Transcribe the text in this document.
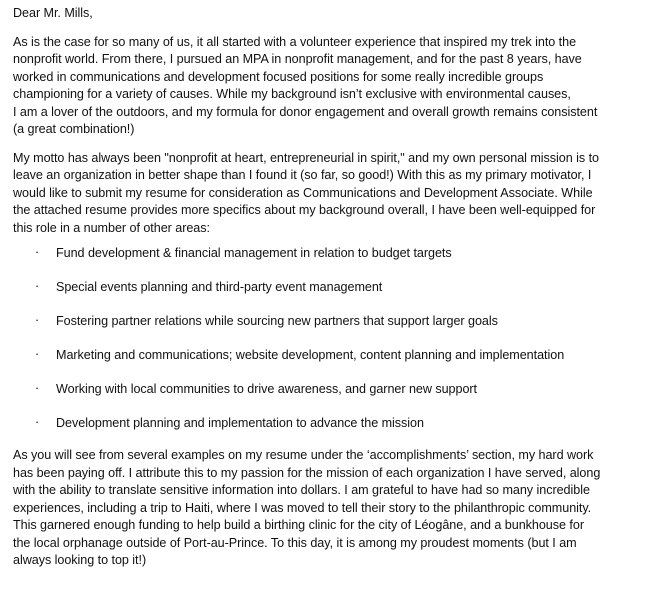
Dear Mr. Mills,
As is the case for so many of us, it all started with a volunteer experience that inspired my trek into the
nonprofit world. From there, I pursued an MPA in nonprofit management, and for the past 8 years, have
worked in communications and development focused positions for some really incredible groups
championing for a variety of causes. While my background isn’t exclusive with environmental causes,
I am a lover of the outdoors, and my formula for donor engagement and overall growth remains consistent
(a great combination!)
My motto has always been "nonprofit at heart, entrepreneurial in spirit," and my own personal mission is to
leave an organization in better shape than I found it (so far, so good!) With this as my primary motivator, I
would like to submit my resume for consideration as Communications and Development Associate. While
the attached resume provides more specifics about my background overall, I have been well-equipped for
this role in a number of other areas:
· Fund development & financial management in relation to budget targets
· Special events planning and third-party event management
· Fostering partner relations while sourcing new partners that support larger goals
· Marketing and communications; website development, content planning and implementation
· Working with local communities to drive awareness, and garner new support
· Development planning and implementation to advance the mission
As you will see from several examples on my resume under the ‘accomplishments’ section, my hard work
has been paying off. I attribute this to my passion for the mission of each organization I have served, along
with the ability to translate sensitive information into dollars. I am grateful to have had so many incredible
experiences, including a trip to Haiti, where I was moved to tell their story to the philanthropic community.
This garnered enough funding to help build a birthing clinic for the city of Léogâne, and a bunkhouse for
the local orphanage outside of Port-au-Prince. To this day, it is among my proudest moments (but I am
always looking to top it!)
